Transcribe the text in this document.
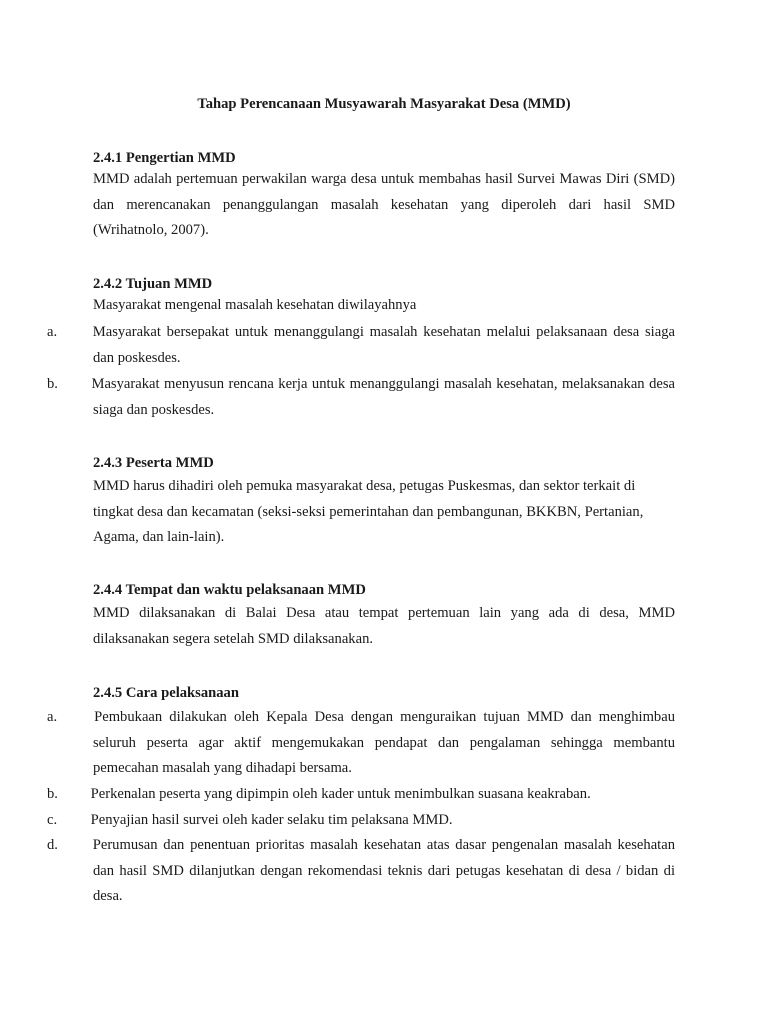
Tahap Perencanaan Musyawarah Masyarakat Desa (MMD)
2.4.1 Pengertian MMD

MMD adalah pertemuan perwakilan warga desa untuk membahas hasil Survei Mawas Diri (SMD) dan merencanakan penanggulangan masalah kesehatan yang diperoleh dari hasil SMD (Wrihatnolo, 2007).

2.4.2 Tujuan MMD

Masyarakat mengenal masalah kesehatan diwilayahnya

a. Masyarakat bersepakat untuk menanggulangi masalah kesehatan melalui pelaksanaan desa siaga dan poskesdes.
b. Masyarakat menyusun rencana kerja untuk menanggulangi masalah kesehatan, melaksanakan desa siaga dan poskesdes.
2.4.3 Peserta MMD

MMD harus dihadiri oleh pemuka masyarakat desa, petugas Puskesmas, dan sektor terkait di tingkat desa dan kecamatan (seksi-seksi pemerintahan dan pembangunan, BKKBN, Pertanian, Agama, dan lain-lain).

2.4.4 Tempat dan waktu pelaksanaan MMD

MMD dilaksanakan di Balai Desa atau tempat pertemuan lain yang ada di desa, MMD dilaksanakan segera setelah SMD dilaksanakan.

2.4.5 Cara pelaksanaan
a.	Pembukaan dilakukan oleh Kepala Desa dengan menguraikan tujuan MMD dan menghimbau seluruh peserta agar aktif mengemukakan pendapat dan pengalaman sehingga membantu pemecahan masalah yang dihadapi bersama.
b. Perkenalan peserta yang dipimpin oleh kader untuk menimbulkan suasana keakraban.
c. Penyajian hasil survei oleh kader selaku tim pelaksana MMD.
d. Perumusan dan penentuan prioritas masalah kesehatan atas dasar pengenalan masalah kesehatan dan hasil SMD dilanjutkan dengan rekomendasi teknis dari petugas kesehatan di desa / bidan di desa.
